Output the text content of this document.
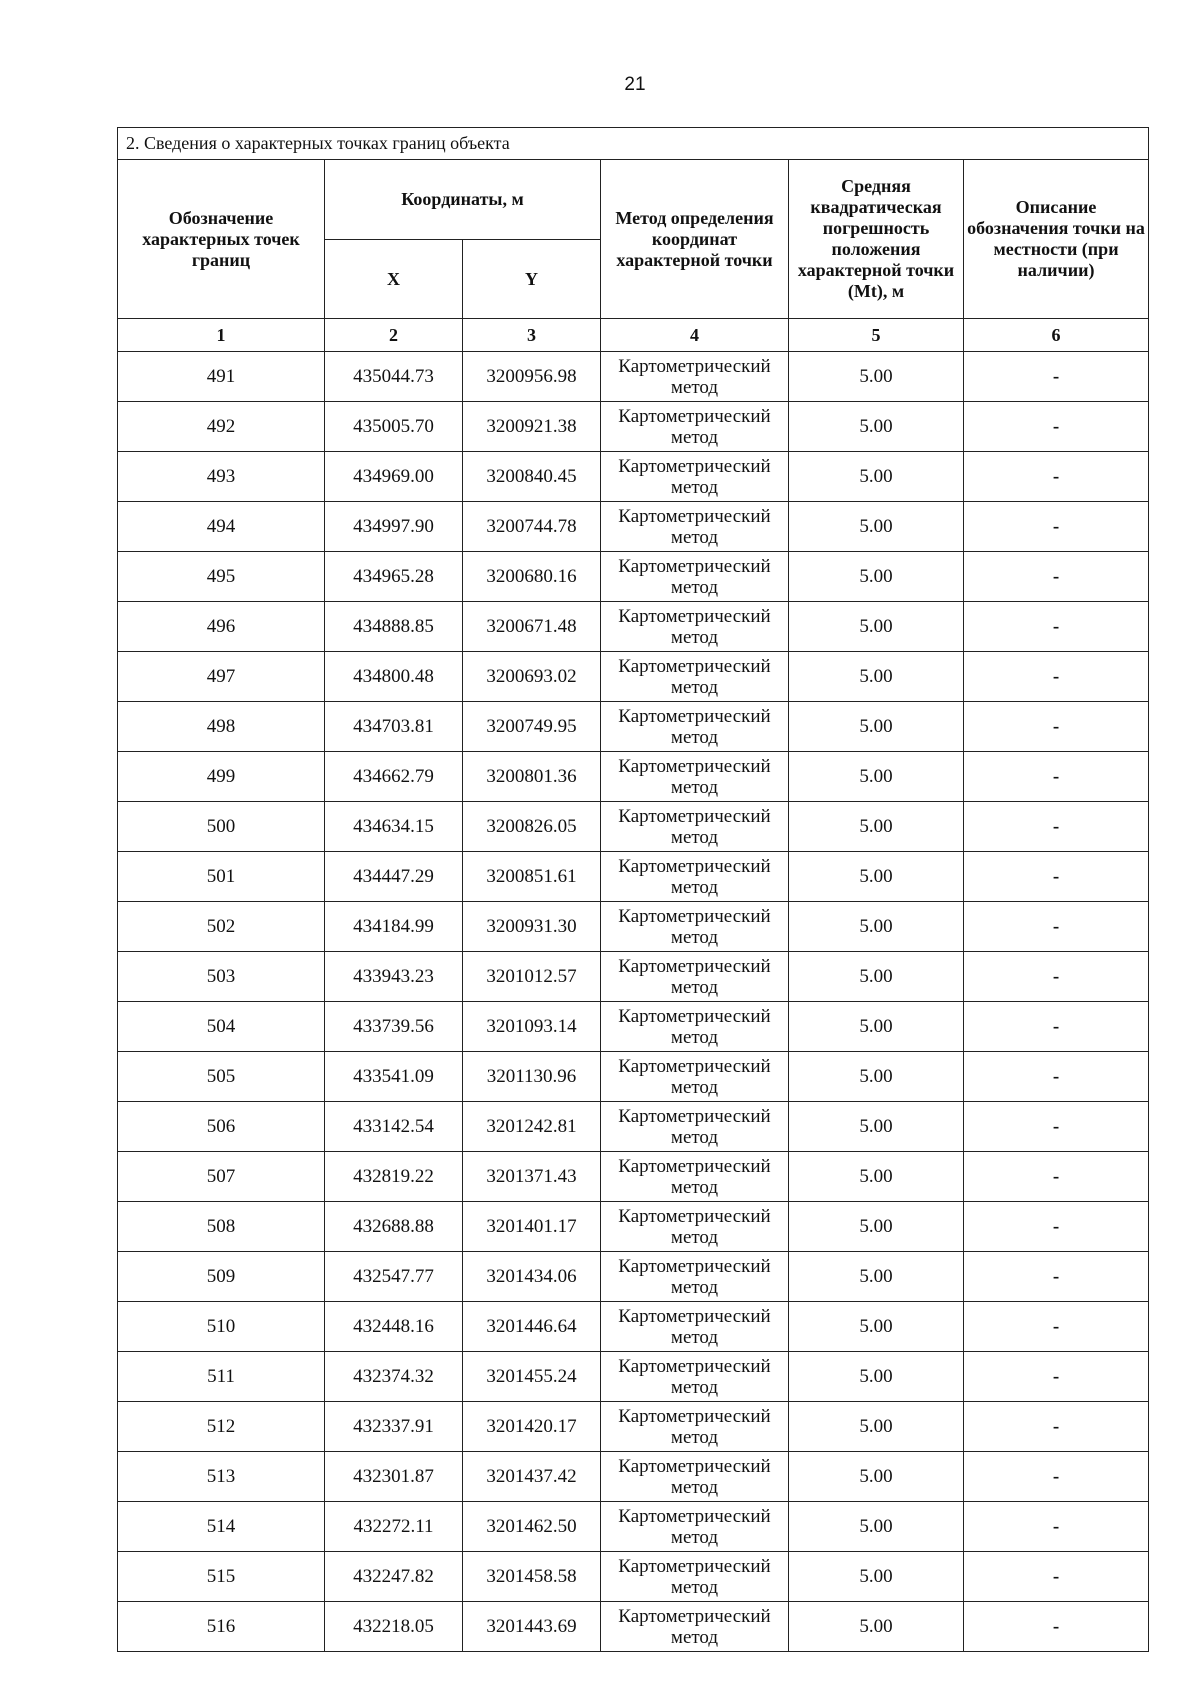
21
2. Сведения о характерных точках границ объекта					
Обозначение характерных точек границ	Координаты, м		Метод определения координат характерной точки	Средняя квадратическая погрешность положения характерной точки (Mt), м	Описание обозначения точки на местности (при наличии)
	X	Y			
1	2	3	4	5	6
491	435044.73	3200956.98	Картометрический метод	5.00	-
492	435005.70	3200921.38	Картометрический метод	5.00	-
493	434969.00	3200840.45	Картометрический метод	5.00	-
494	434997.90	3200744.78	Картометрический метод	5.00	-
495	434965.28	3200680.16	Картометрический метод	5.00	-
496	434888.85	3200671.48	Картометрический метод	5.00	-
497	434800.48	3200693.02	Картометрический метод	5.00	-
498	434703.81	3200749.95	Картометрический метод	5.00	-
499	434662.79	3200801.36	Картометрический метод	5.00	-
500	434634.15	3200826.05	Картометрический метод	5.00	-
501	434447.29	3200851.61	Картометрический метод	5.00	-
502	434184.99	3200931.30	Картометрический метод	5.00	-
503	433943.23	3201012.57	Картометрический метод	5.00	-
504	433739.56	3201093.14	Картометрический метод	5.00	-
505	433541.09	3201130.96	Картометрический метод	5.00	-
506	433142.54	3201242.81	Картометрический метод	5.00	-
507	432819.22	3201371.43	Картометрический метод	5.00	-
508	432688.88	3201401.17	Картометрический метод	5.00	-
509	432547.77	3201434.06	Картометрический метод	5.00	-
510	432448.16	3201446.64	Картометрический метод	5.00	-
511	432374.32	3201455.24	Картометрический метод	5.00	-
512	432337.91	3201420.17	Картометрический метод	5.00	-
513	432301.87	3201437.42	Картометрический метод	5.00	-
514	432272.11	3201462.50	Картометрический метод	5.00	-
515	432247.82	3201458.58	Картометрический метод	5.00	-
516	432218.05	3201443.69	Картометрический метод	5.00	-
